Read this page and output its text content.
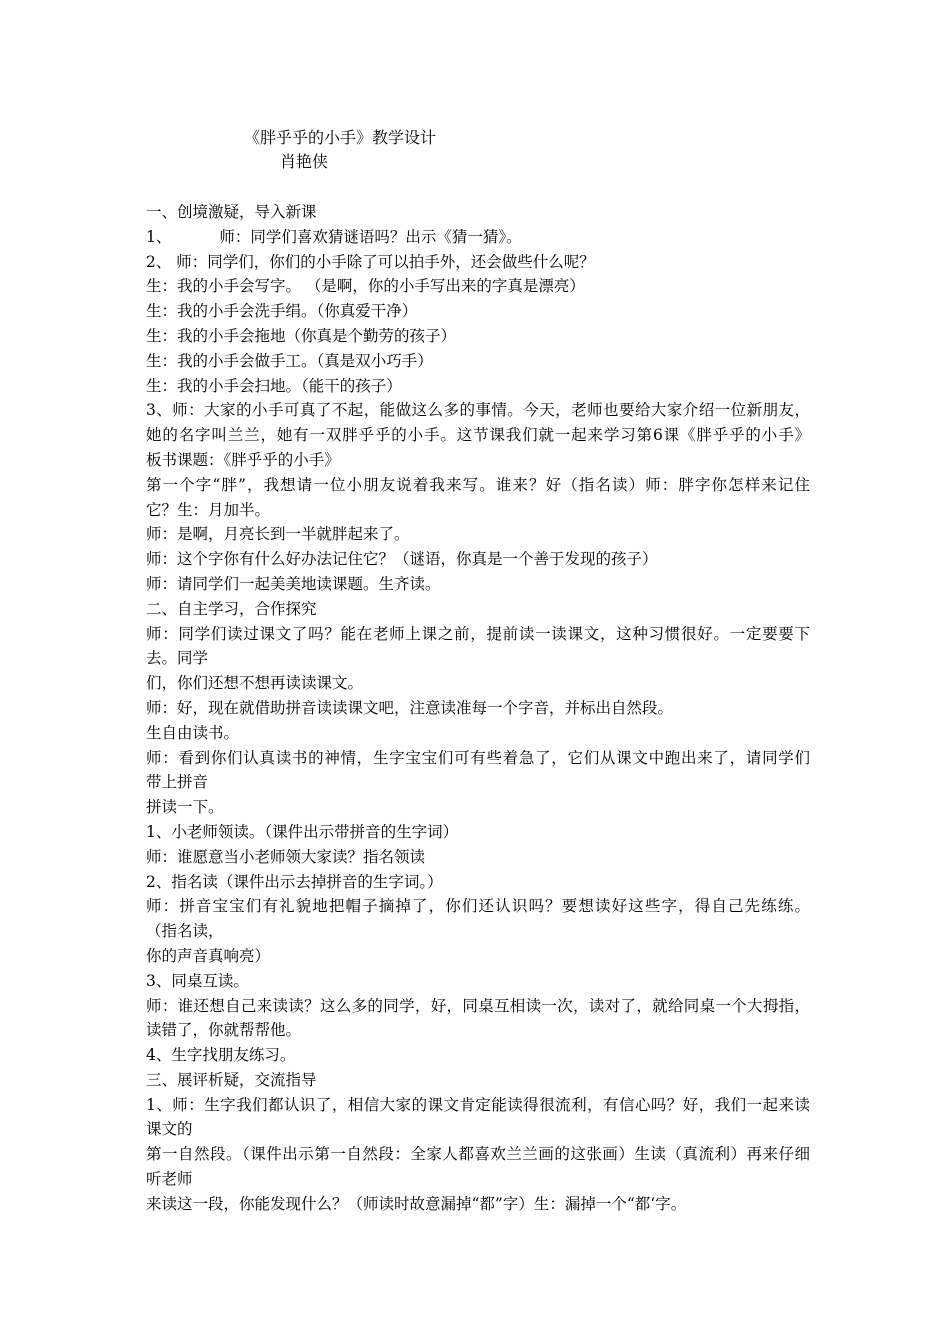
《胖乎乎的小手》教学设计
肖艳侠
一、创境激疑，导入新课
1、	师：同学们喜欢猜谜语吗？出示《猜一猜》。
2、 师：同学们，你们的小手除了可以拍手外，还会做些什么呢？
生：我的小手会写字。 （是啊，你的小手写出来的字真是漂亮）
生：我的小手会洗手绢。（你真爱干净）
生：我的小手会拖地（你真是个勤劳的孩子）
生：我的小手会做手工。（真是双小巧手）
生：我的小手会扫地。（能干的孩子）
3、师：大家的小手可真了不起，能做这么多的事情。今天，老师也要给大家介绍一位新朋友，
她的名字叫兰兰，她有一双胖乎乎的小手。这节课我们就一起来学习第6课《胖乎乎的小手》
板书课题：《胖乎乎的小手》
第一个字“胖”，我想请一位小朋友说着我来写。谁来？好（指名读）师：胖字你怎样来记住
它？生：月加半。
师：是啊，月亮长到一半就胖起来了。
师：这个字你有什么好办法记住它？（谜语，你真是一个善于发现的孩子）
师：请同学们一起美美地读课题。生齐读。
二、自主学习，合作探究
师：同学们读过课文了吗？能在老师上课之前，提前读一读课文，这种习惯很好。一定要要下
去。同学
们，你们还想不想再读读课文。
师：好，现在就借助拼音读读课文吧，注意读准每一个字音，并标出自然段。
生自由读书。
师：看到你们认真读书的神情，生字宝宝们可有些着急了，它们从课文中跑出来了，请同学们
带上拼音
拼读一下。
1、小老师领读。（课件出示带拼音的生字词）
师：谁愿意当小老师领大家读？指名领读
2、指名读（课件出示去掉拼音的生字词。）
师：拼音宝宝们有礼貌地把帽子摘掉了，你们还认识吗？要想读好这些字，得自己先练练。
（指名读，
你的声音真响亮）
3、同桌互读。
师：谁还想自己来读读？这么多的同学，好，同桌互相读一次，读对了，就给同桌一个大拇指，
读错了，你就帮帮他。
4、生字找朋友练习。
三、展评析疑，交流指导
1、师：生字我们都认识了，相信大家的课文肯定能读得很流利，有信心吗？好，我们一起来读
课文的
第一自然段。（课件出示第一自然段：全家人都喜欢兰兰画的这张画）生读（真流利）再来仔细
听老师
来读这一段，你能发现什么？（师读时故意漏掉“都”字）生：漏掉一个“都‘字。
